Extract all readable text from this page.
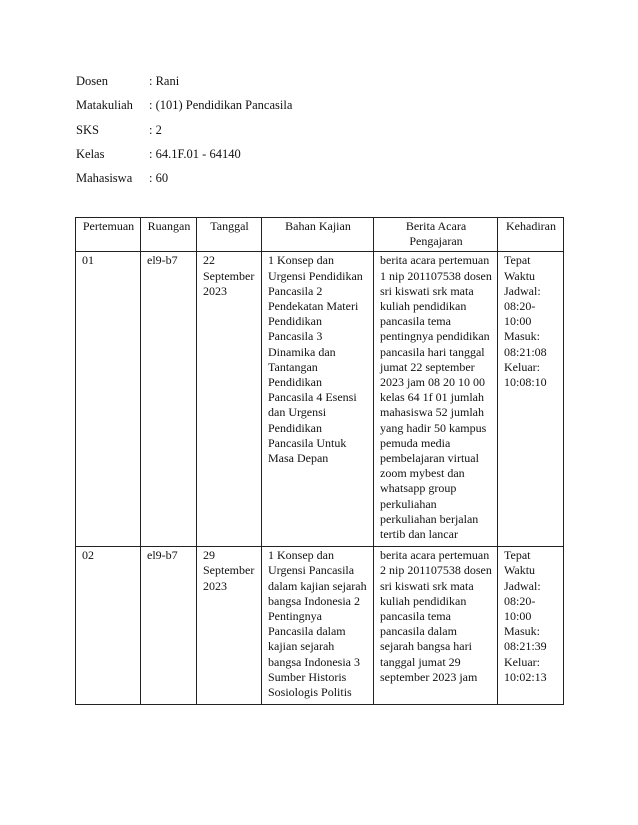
Dosen	: Rani
Matakuliah : (101) Pendidikan Pancasila
SKS	: 2
Kelas	: 64.1F.01 - 64140
Mahasiswa : 60
Pertemuan	Ruangan	Tanggal	Bahan Kajian	Berita Acara Pengajaran	Kehadiran
01	el9-b7	22 September 2023	1 Konsep dan Urgensi Pendidikan Pancasila 2 Pendekatan Materi Pendidikan Pancasila 3 Dinamika dan Tantangan Pendidikan Pancasila 4 Esensi dan Urgensi Pendidikan Pancasila Untuk Masa Depan	berita acara pertemuan 1 nip 201107538 dosen sri kiswati srk mata kuliah pendidikan pancasila tema pentingnya pendidikan pancasila hari tanggal jumat 22 september 2023 jam 08 20 10 00 kelas 64 1f 01 jumlah mahasiswa 52 jumlah yang hadir 50 kampus pemuda media pembelajaran virtual zoom mybest dan whatsapp group perkuliahan perkuliahan berjalan tertib dan lancar	Tepat Waktu Jadwal: 08:20-10:00 Masuk: 08:21:08 Keluar: 10:08:10

02	el9-b7	29 September 2023	1 Konsep dan Urgensi Pancasila dalam kajian sejarah bangsa Indonesia 2 Pentingnya Pancasila dalam kajian sejarah bangsa Indonesia 3 Sumber Historis Sosiologis Politis	berita acara pertemuan 2 nip 201107538 dosen sri kiswati srk mata kuliah pendidikan pancasila tema pancasila dalam sejarah bangsa hari tanggal jumat 29 september 2023 jam	Tepat Waktu Jadwal: 08:20-10:00 Masuk: 08:21:39 Keluar: 10:02:13
